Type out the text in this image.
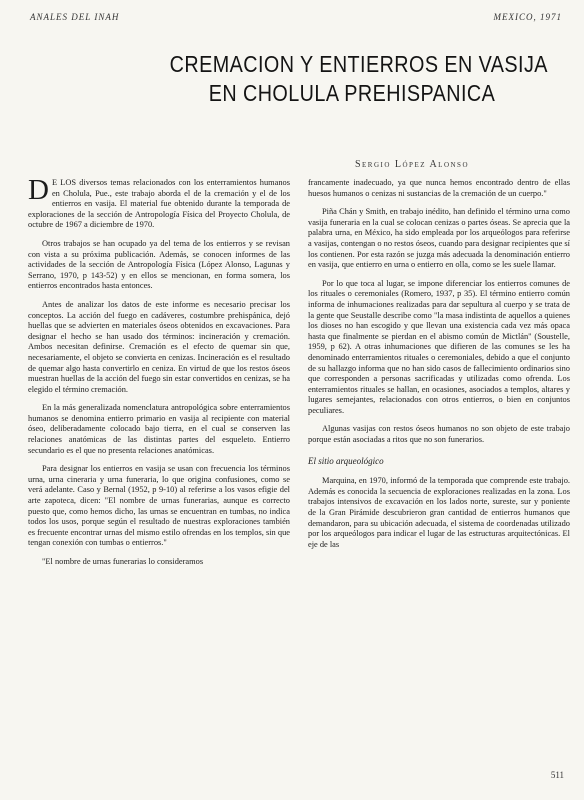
ANALES DEL INAH	MEXICO, 1971
CREMACION Y ENTIERROS EN VASIJA
EN CHOLULA PREHISPANICA
Sergio López Alonso

D E LOS diversos temas relacionados con los enterramientos humanos en Cholula, Pue., este trabajo aborda el de la cremación y el de los entierros en vasija. El material fue obtenido durante la temporada de exploraciones de la sección de Antropología Física del Proyecto Cholula, de octubre de 1967 a diciembre de 1970.

Otros trabajos se han ocupado ya del tema de los entierros y se revisan con vista a su próxima publicación. Además, se conocen informes de las actividades de la sección de Antropología Física (López Alonso, Lagunas y Serrano, 1970, p 143-52) y en ellos se mencionan, en forma somera, los entierros encontrados hasta entonces.

Antes de analizar los datos de este informe es necesario precisar los conceptos. La acción del fuego en cadáveres, costumbre prehispánica, dejó huellas que se advierten en materiales óseos obtenidos en excavaciones. Para designar el hecho se han usado dos términos: incineración y cremación. Ambos necesitan definirse. Cremación es el efecto de quemar sin que, necesariamente, el objeto se convierta en cenizas. Incineración es el resultado de quemar algo hasta convertirlo en ceniza. En virtud de que los restos óseos muestran huellas de la acción del fuego sin estar convertidos en cenizas, se ha elegido el término cremación.

En la más generalizada nomenclatura antropológica sobre enterramientos humanos se denomina entierro primario en vasija al recipiente con material óseo, deliberadamente colocado bajo tierra, en el cual se conserven las relaciones anatómicas de las distintas partes del esqueleto. Entierro secundario es el que no presenta relaciones anatómicas.

Para designar los entierros en vasija se usan con frecuencia los términos urna, urna cineraria y urna funeraria, lo que origina confusiones, como se verá adelante. Caso y Bernal (1952, p 9-10) al referirse a los vasos efigie del arte zapoteca, dicen: "El nombre de urnas funerarias, aunque es correcto puesto que, como hemos dicho, las urnas se encuentran en tumbas, no indica todos los usos, porque según el resultado de nuestras exploraciones también es frecuente encontrar urnas del mismo estilo ofrendas en los templos, sin que tengan conexión con tumbas o entierros."

"El nombre de urnas funerarias lo consideramos

francamente inadecuado, ya que nunca hemos encontrado dentro de ellas huesos humanos o cenizas ni sustancias de la cremación de un cuerpo."

Piña Chán y Smith, en trabajo inédito, han definido el término urna como vasija funeraria en la cual se colocan cenizas o partes óseas. Se aprecia que la palabra urna, en México, ha sido empleada por los arqueólogos para referirse a vasijas, contengan o no restos óseos, cuando para designar recipientes que sí los contienen. Por esta razón se juzga más adecuada la denominación entierro en vasija, que entierro en urna o entierro en olla, como se les suele llamar.

Por lo que toca al lugar, se impone diferenciar los entierros comunes de los rituales o ceremoniales (Romero, 1937, p 35). El término entierro común informa de inhumaciones realizadas para dar sepultura al cuerpo y se trata de la gente que Seustalle describe como "la masa indistinta de aquellos a quienes los dioses no han escogido y que llevan una existencia cada vez más opaca hasta que finalmente se pierdan en el abismo común de Mictlán" (Soustelle, 1959, p 62). A otras inhumaciones que difieren de las comunes se les ha denominado enterramientos rituales o ceremoniales, debido a que el conjunto de su hallazgo informa que no han sido casos de fallecimiento ordinarios sino que corresponden a personas sacrificadas y utilizadas como ofrenda. Los enterramientos rituales se hallan, en ocasiones, asociados a templos, altares y lugares semejantes, relacionados con otros entierros, o bien en conjuntos peculiares.

Algunas vasijas con restos óseos humanos no son objeto de este trabajo porque están asociadas a ritos que no son funerarios.

El sitio arqueológico

Marquina, en 1970, informó de la temporada que comprende este trabajo. Además es conocida la secuencia de exploraciones realizadas en la zona. Los trabajos intensivos de excavación en los lados norte, sureste, sur y poniente de la Gran Pirámide descubrieron gran cantidad de entierros humanos que demandaron, para su ubicación adecuada, el sistema de coordenadas utilizado por los arqueólogos para indicar el lugar de las estructuras arquitectónicas. El eje de las

511
